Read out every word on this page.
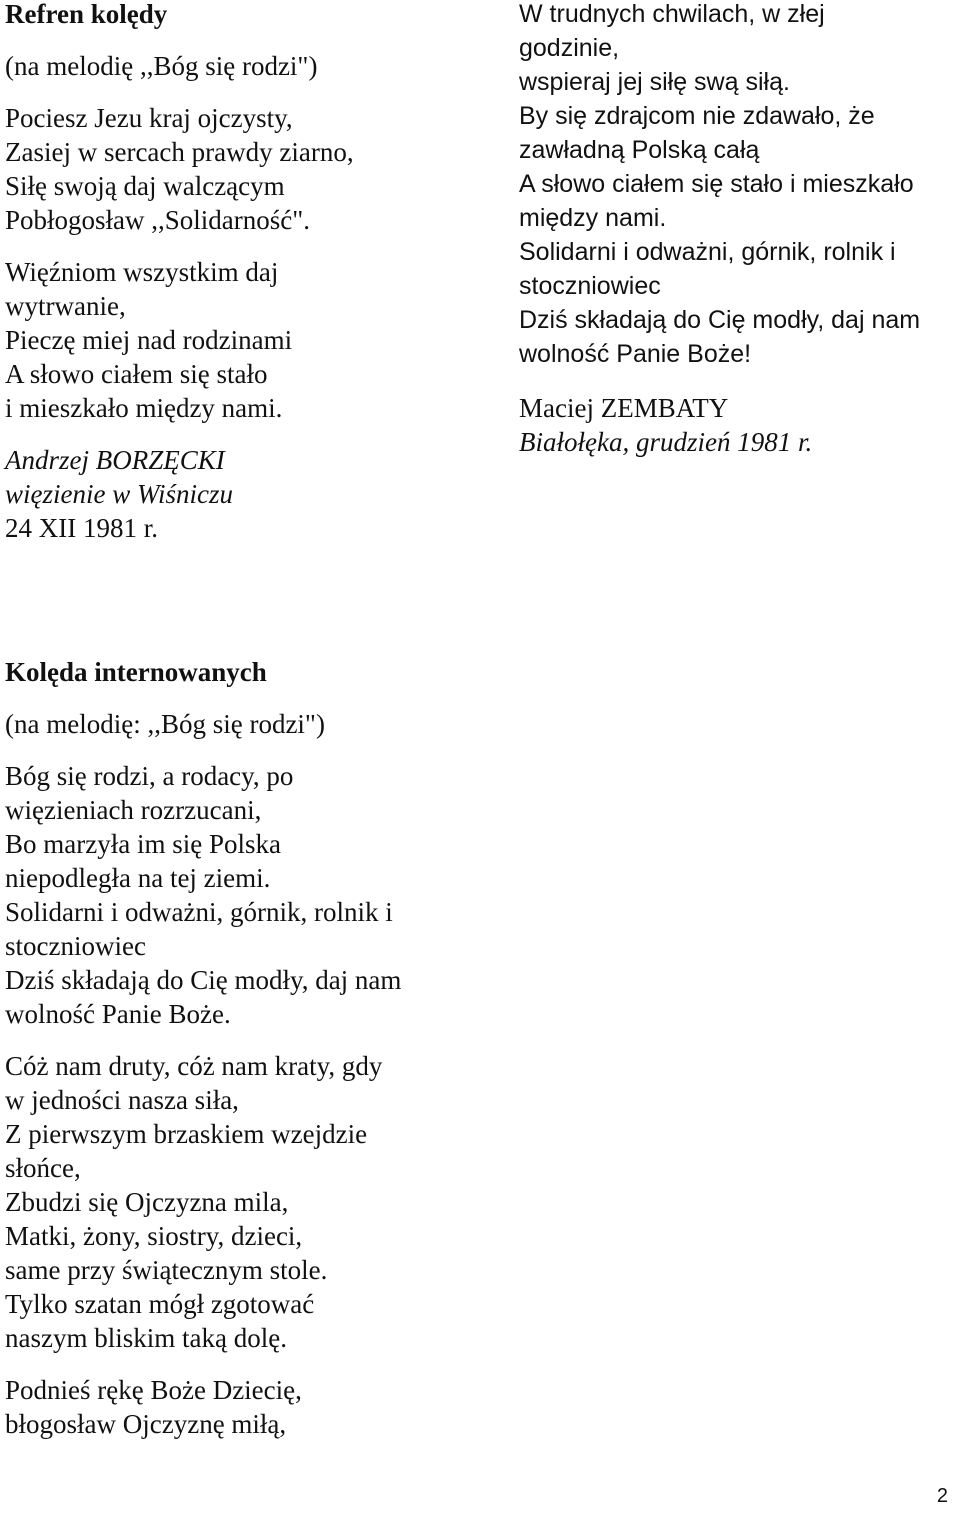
Refren kolędy
(na melodię ,,Bóg się rodzi")
Pociesz Jezu kraj ojczysty,
Zasiej w sercach prawdy ziarno,
Siłę swoją daj walczącym
Pobłogosław ,,Solidarność".
Więźniom wszystkim daj
wytrwanie,
Pieczę miej nad rodzinami
A słowo ciałem się stało
i mieszkało między nami.
Andrzej BORZĘCKI
więzienie w Wiśniczu
24 XII 1981 r.
W trudnych chwilach, w złej
godzinie,
wspieraj jej siłę swą siłą.
By się zdrajcom nie zdawało, że
zawładną Polską całą
A słowo ciałem się stało i mieszkało
między nami.
Solidarni i odważni, górnik, rolnik i
stoczniowiec
Dziś składają do Cię modły, daj nam
wolność Panie Boże!
Maciej ZEMBATY
Białołęka, grudzień 1981 r.
Kolęda internowanych
(na melodię: ,,Bóg się rodzi")
Bóg się rodzi, a rodacy, po
więzieniach rozrzucani,
Bo marzyła im się Polska
niepodległa na tej ziemi.
Solidarni i odważni, górnik, rolnik i
stoczniowiec
Dziś składają do Cię modły, daj nam
wolność Panie Boże.
Cóż nam druty, cóż nam kraty, gdy
w jedności nasza siła,
Z pierwszym brzaskiem wzejdzie
słońce,
Zbudzi się Ojczyzna mila,
Matki, żony, siostry, dzieci,
same przy świątecznym stole.
Tylko szatan mógł zgotować
naszym bliskim taką dolę.
Podnieś rękę Boże Dziecię,
błogosław Ojczyznę miłą,
2
